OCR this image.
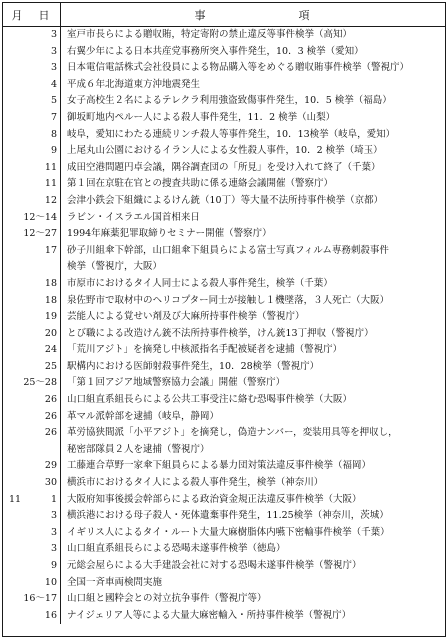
月 日	事　　　　　　　項
3 室戸市長らによる贈収賄，特定寄附の禁止違反等事件検挙（高知）
3 右翼少年による日本共産党事務所突入事件発生，10．3 検挙（愛知）
3 日本電信電話株式会社役員による物品購入等をめぐる贈収賄事件検挙（警視庁）
4 平成６年北海道東方沖地震発生
5 女子高校生２名によるテレクラ利用強盗致傷事件発生，10．5 検挙（福島）
7 御坂町地内ペルー人による殺人事件発生，11．2 検挙（山梨）
8 岐阜，愛知にわたる連続リンチ殺人等事件発生，10．13検挙（岐阜，愛知）
9 上尾丸山公園におけるイラン人による女性殺人事件，10．2 検挙（埼玉）
11 成田空港問題円卓会議，隅谷調査団の「所見」を受け入れて終了（千葉）
11 第１回在京駐在官との捜査共助に係る連絡会議開催（警察庁）
12 会津小鉄会下組織によるけん銃（10丁）等大量不法所持事件検挙（京都）
12～14 ラビン・イスラエル国首相来日
12～27 1994年麻薬犯罪取締りセミナー開催（警察庁）
17 砂子川組傘下幹部，山口組傘下組員らによる富士写真フィルム専務刺殺事件
検挙（警視庁，大阪）
18 市原市におけるタイ人同士による殺人事件発生，検挙（千葉）
18 泉佐野市で取材中のヘリコプター同士が接触し１機墜落，３人死亡（大阪）
19 芸能人による覚せい剤及び大麻所持事件検挙（警視庁）
20 とび職による改造けん銃不法所持事件検挙，けん銃13丁押収（警視庁）
24 「荒川アジト」を摘発し中核派指名手配被疑者を逮捕（警視庁）
25 駅構内における医師射殺事件発生，10．28検挙（警視庁）
25～28 「第１回アジア地域警察協力会議」開催（警察庁）
26 山口組直系組長らによる公共工事受注に絡む恐喝事件検挙（大阪）
26 革マル派幹部を逮捕（岐阜，静岡）
26 革労協狭間派「小平アジト」を摘発し，偽造ナンバー，変装用具等を押収し，
秘密部隊員２人を逮捕（警視庁）
29 工藤連合草野一家傘下組員らによる暴力団対策法違反事件検挙（福岡）
30 横浜市におけるタイ人による殺人事件発生，検挙（神奈川）
11	1 大阪府知事後援会幹部らによる政治資金規正法違反事件検挙（大阪）
3 横浜港における母子殺人・死体遺棄事件発生，11.25検挙（神奈川，茨城）
3 イギリス人によるタイ・ルート大量大麻樹脂体内嚥下密輸事件検挙（千葉）
3 山口組直系組長らによる恐喝未遂事件検挙（徳島）
9 元総会屋らによる大手建設会社に対する恐喝未遂事件検挙（警視庁）
10 全国一斉車両検問実施
16～17 山口組と國粋会との対立抗争事件（警視庁等）
16 ナイジェリア人等による大量大麻密輸入・所持事件検挙（警視庁）
